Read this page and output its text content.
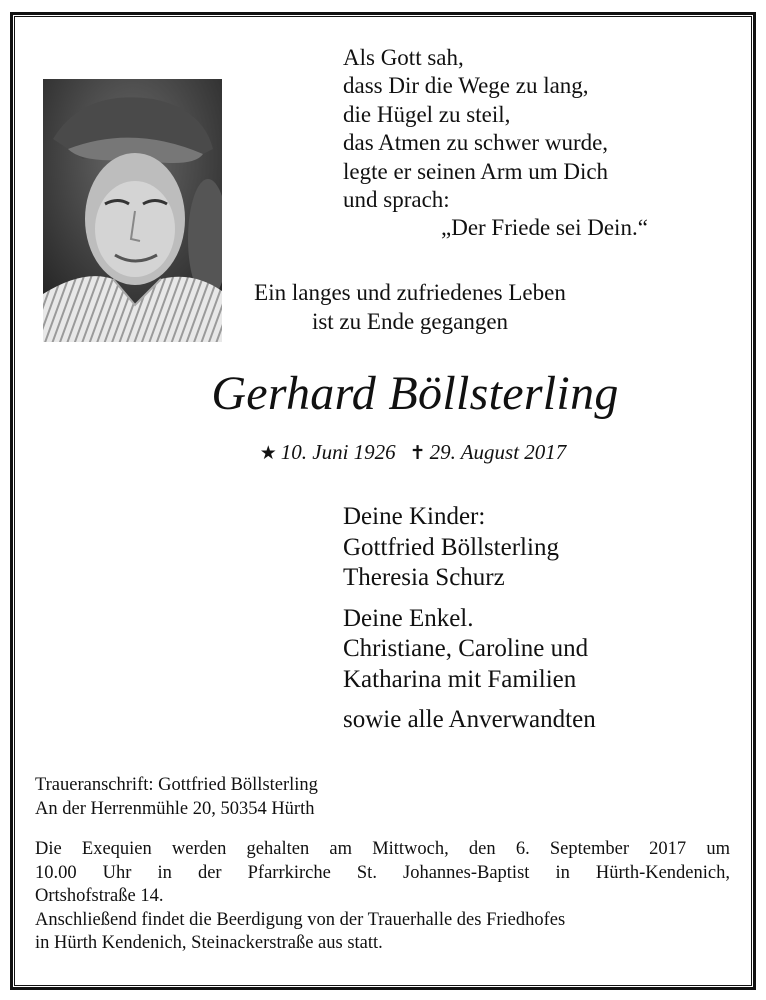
Als Gott sah,
dass Dir die Wege zu lang,
die Hügel zu steil,
das Atmen zu schwer wurde,
legte er seinen Arm um Dich
und sprach:
„Der Friede sei Dein.“
Ein langes und zufriedenes Leben
ist zu Ende gegangen
Gerhard Böllsterling
★ 10. Juni 1926 ✝ 29. August 2017
Deine Kinder:
Gottfried Böllsterling
Theresia Schurz
Deine Enkel.
Christiane, Caroline und
Katharina mit Familien
sowie alle Anverwandten
Traueranschrift: Gottfried Böllsterling
An der Herrenmühle 20, 50354 Hürth
Die Exequien werden gehalten am Mittwoch, den 6. September 2017 um
10.00 Uhr in der Pfarrkirche St. Johannes-Baptist in Hürth-Kendenich,
Ortshofstraße 14.
Anschließend findet die Beerdigung von der Trauerhalle des Friedhofes
in Hürth Kendenich, Steinackerstraße aus statt.
